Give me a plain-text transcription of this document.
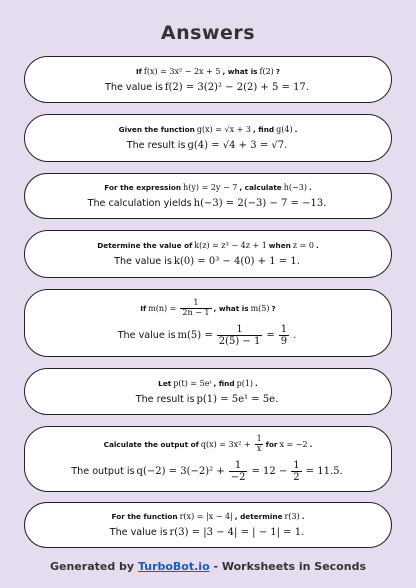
Answers
If f(x) = 3x² − 2x + 5 , what is f(2) ?
The value is f(2) = 3(2)² − 2(2) + 5 = 17.
Given the function g(x) = √x + 3 , find g(4) .
The result is g(4) = √4 + 3 = √7.
For the expression h(y) = 2y − 7 , calculate h(−3) .
The calculation yields h(−3) = 2(−3) − 7 = −13.
Determine the value of k(z) = z³ − 4z + 1 when z = 0 .
The value is k(0) = 0³ − 4(0) + 1 = 1.
If $m(n) = \frac{1}{2n - 1}$ , what is m(5) ?
The value is $m(5) = \frac{1}{2(5) - 1} = \frac{1}{9}$ .
Let p(t) = 5eᵗ , find p(1) .
The result is p(1) = 5e¹ = 5e.
Calculate the output of $q(x) = 3x^2 + \frac{1}{x}$ for x = −2 .
The output is $q(-2) = 3(-2)^2 + \frac{1}{-2} = 12 - \frac{1}{2} = 11.5$.
For the function r(x) = |x − 4| , determine r(3) .
The value is r(3) = |3 − 4| = | − 1| = 1.
Generated by TurboBot.io - Worksheets in Seconds
